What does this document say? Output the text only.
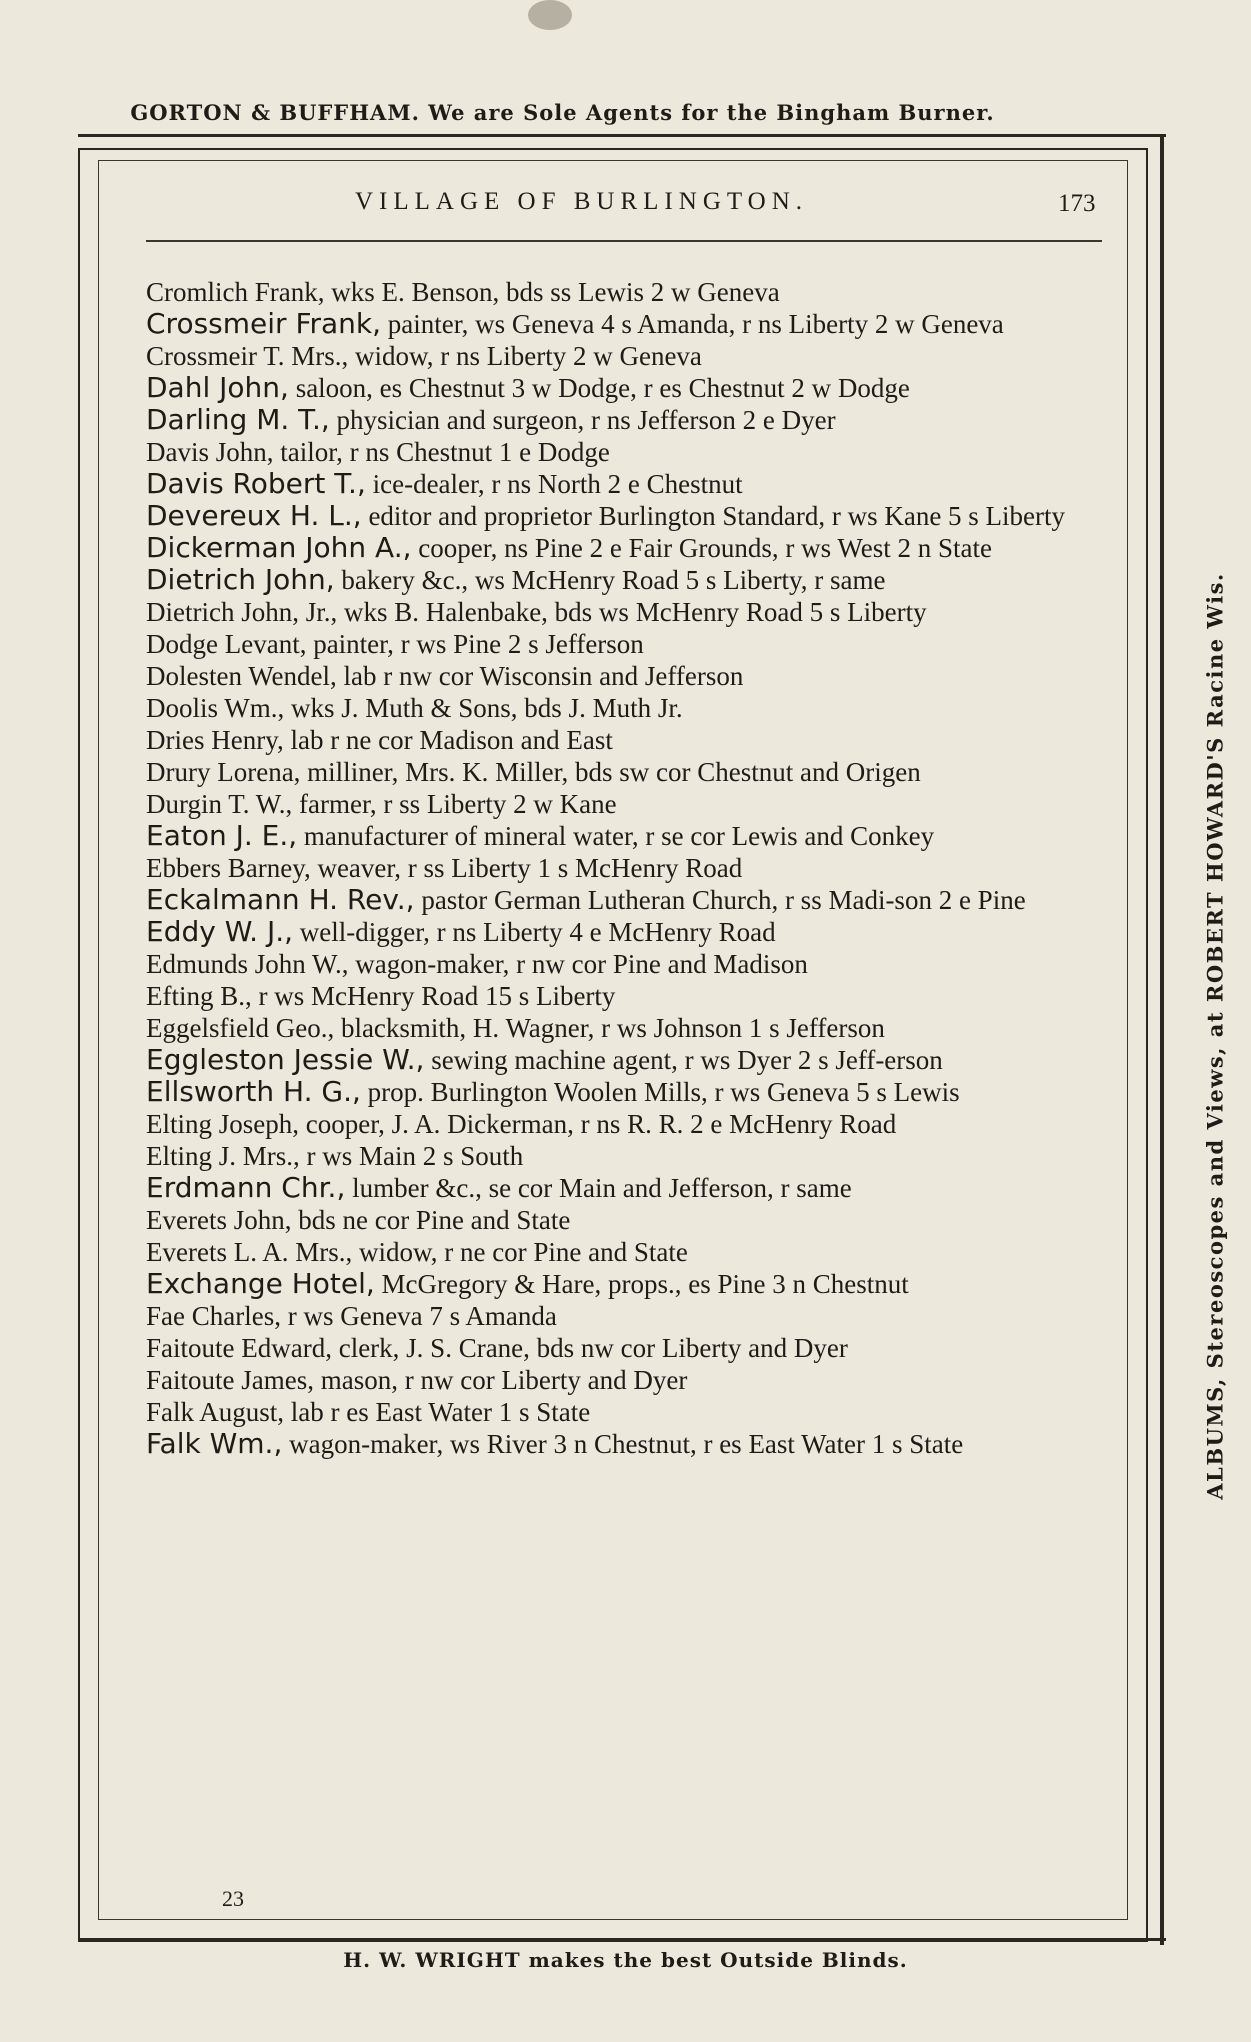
GORTON & BUFFHAM. We are Sole Agents for the Bingham Burner.
H. W. WRIGHT makes the best Outside Blinds.
ALBUMS, Stereoscopes and Views, at ROBERT HOWARD'S Racine Wis.
VILLAGE OF BURLINGTON.	173

Cromlich Frank, wks E. Benson, bds ss Lewis 2 w Geneva

Crossmeir Frank, painter, ws Geneva 4 s Amanda, r ns Liberty 2 w Geneva

Crossmeir T. Mrs., widow, r ns Liberty 2 w Geneva

Dahl John, saloon, es Chestnut 3 w Dodge, r es Chestnut 2 w Dodge

Darling M. T., physician and surgeon, r ns Jefferson 2 e Dyer

Davis John, tailor, r ns Chestnut 1 e Dodge

Davis Robert T., ice-dealer, r ns North 2 e Chestnut

Devereux H. L., editor and proprietor Burlington Standard, r ws Kane 5 s Liberty

Dickerman John A., cooper, ns Pine 2 e Fair Grounds, r ws West 2 n State

Dietrich John, bakery &c., ws McHenry Road 5 s Liberty, r same

Dietrich John, Jr., wks B. Halenbake, bds ws McHenry Road 5 s Liberty

Dodge Levant, painter, r ws Pine 2 s Jefferson

Dolesten Wendel, lab r nw cor Wisconsin and Jefferson

Doolis Wm., wks J. Muth & Sons, bds J. Muth Jr.

Dries Henry, lab r ne cor Madison and East

Drury Lorena, milliner, Mrs. K. Miller, bds sw cor Chestnut and Origen

Durgin T. W., farmer, r ss Liberty 2 w Kane

Eaton J. E., manufacturer of mineral water, r se cor Lewis and Conkey

Ebbers Barney, weaver, r ss Liberty 1 s McHenry Road

Eckalmann H. Rev., pastor German Lutheran Church, r ss Madi-son 2 e Pine

Eddy W. J., well-digger, r ns Liberty 4 e McHenry Road

Edmunds John W., wagon-maker, r nw cor Pine and Madison

Efting B., r ws McHenry Road 15 s Liberty

Eggelsfield Geo., blacksmith, H. Wagner, r ws Johnson 1 s Jefferson

Eggleston Jessie W., sewing machine agent, r ws Dyer 2 s Jeff-erson

Ellsworth H. G., prop. Burlington Woolen Mills, r ws Geneva 5 s Lewis

Elting Joseph, cooper, J. A. Dickerman, r ns R. R. 2 e McHenry Road

Elting J. Mrs., r ws Main 2 s South

Erdmann Chr., lumber &c., se cor Main and Jefferson, r same

Everets John, bds ne cor Pine and State

Everets L. A. Mrs., widow, r ne cor Pine and State

Exchange Hotel, McGregory & Hare, props., es Pine 3 n Chestnut

Fae Charles, r ws Geneva 7 s Amanda

Faitoute Edward, clerk, J. S. Crane, bds nw cor Liberty and Dyer

Faitoute James, mason, r nw cor Liberty and Dyer

Falk August, lab r es East Water 1 s State

Falk Wm., wagon-maker, ws River 3 n Chestnut, r es East Water 1 s State

23
